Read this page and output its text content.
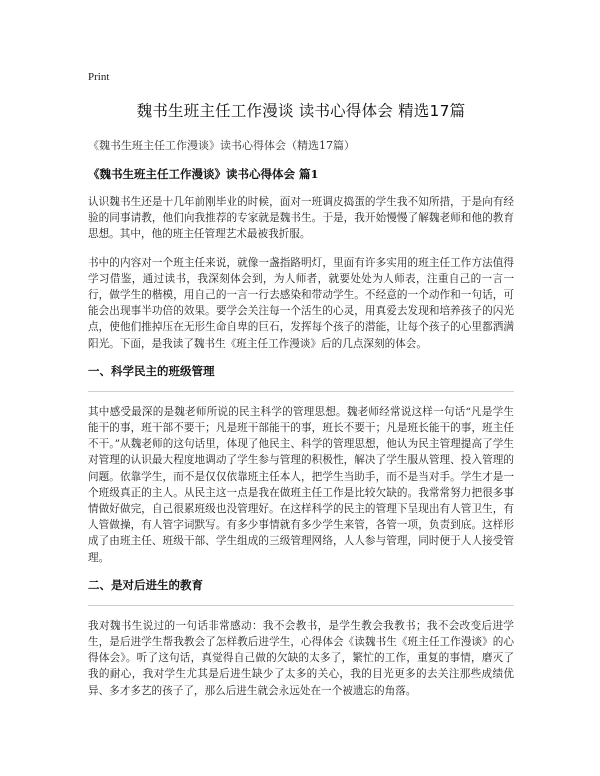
Print
魏书生班主任工作漫谈 读书心得体会 精选17篇

《魏书生班主任工作漫谈》读书心得体会（精选17篇）

《魏书生班主任工作漫谈》读书心得体会 篇1

认识魏书生还是十几年前刚毕业的时候，面对一班调皮捣蛋的学生我不知所措，于是向有经验的同事请教，他们向我推荐的专家就是魏书生。于是，我开始慢慢了解魏老师和他的教育思想。其中，他的班主任管理艺术最被我折服。

书中的内容对一个班主任来说，就像一盏指路明灯，里面有许多实用的班主任工作方法值得学习借鉴，通过读书，我深刻体会到，为人师者，就要处处为人师表，注重自己的一言一行，做学生的楷模，用自己的一言一行去感染和带动学生。不经意的一个动作和一句话，可能会出现事半功倍的效果。要学会关注每一个活生的心灵，用真爱去发现和培养孩子的闪光点，使他们推掉压在无形生命自卑的巨石，发挥每个孩子的潜能，让每个孩子的心里都洒满阳光。下面，是我读了魏书生《班主任工作漫谈》后的几点深刻的体会。

一、科学民主的班级管理

其中感受最深的是魏老师所说的民主科学的管理思想。魏老师经常说这样一句话“凡是学生能干的事，班干部不要干；凡是班干部能干的事，班长不要干；凡是班长能干的事，班主任不干。”从魏老师的这句话里，体现了他民主、科学的管理思想，他认为民主管理提高了学生对管理的认识最大程度地调动了学生参与管理的积极性，解决了学生服从管理、投入管理的问题。依靠学生，而不是仅仅依靠班主任本人，把学生当助手，而不是当对手。学生才是一个班级真正的主人。从民主这一点是我在做班主任工作是比较欠缺的。我常常努力把很多事情做好做完，自己很累班级也没管理好。在这样科学的民主的管理下呈现出有人管卫生，有人管做操，有人管字词默写。有多少事情就有多少学生来管，各管一项，负责到底。这样形成了由班主任、班级干部、学生组成的三级管理网络，人人参与管理，同时便于人人接受管理。

二、是对后进生的教育

我对魏书生说过的一句话非常感动：我不会教书，是学生教会我教书；我不会改变后进学生，是后进学生帮我教会了怎样教后进学生，心得体会《读魏书生《班主任工作漫谈》的心得体会》。听了这句话，真觉得自己做的欠缺的太多了，繁忙的工作，重复的事情，磨灭了我的耐心，我对学生尤其是后进生缺少了太多的关心，我的目光更多的去关注那些成绩优异、多才多艺的孩子了，那么后进生就会永远处在一个被遗忘的角落。
